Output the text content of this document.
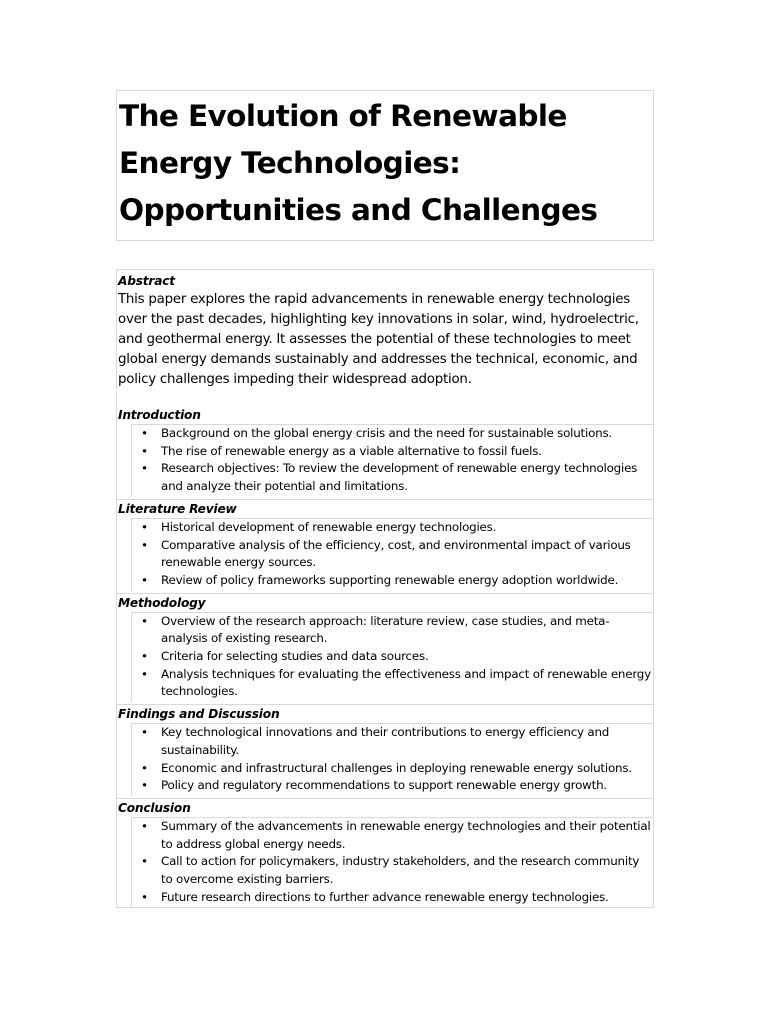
The Evolution of Renewable Energy Technologies: Opportunities and Challenges
Abstract

This paper explores the rapid advancements in renewable energy technologies over the past decades, highlighting key innovations in solar, wind, hydroelectric, and geothermal energy. It assesses the potential of these technologies to meet global energy demands sustainably and addresses the technical, economic, and policy challenges impeding their widespread adoption.

Introduction
• Background on the global energy crisis and the need for sustainable solutions.
• The rise of renewable energy as a viable alternative to fossil fuels.
• Research objectives: To review the development of renewable energy technologies and analyze their potential and limitations.
Literature Review
• Historical development of renewable energy technologies.
• Comparative analysis of the efficiency, cost, and environmental impact of various renewable energy sources.
• Review of policy frameworks supporting renewable energy adoption worldwide.
Methodology
• Overview of the research approach: literature review, case studies, and meta-analysis of existing research.
• Criteria for selecting studies and data sources.
• Analysis techniques for evaluating the effectiveness and impact of renewable energy technologies.
Findings and Discussion
• Key technological innovations and their contributions to energy efficiency and sustainability.
• Economic and infrastructural challenges in deploying renewable energy solutions.
• Policy and regulatory recommendations to support renewable energy growth.
Conclusion
• Summary of the advancements in renewable energy technologies and their potential to address global energy needs.
• Call to action for policymakers, industry stakeholders, and the research community to overcome existing barriers.
• Future research directions to further advance renewable energy technologies.
